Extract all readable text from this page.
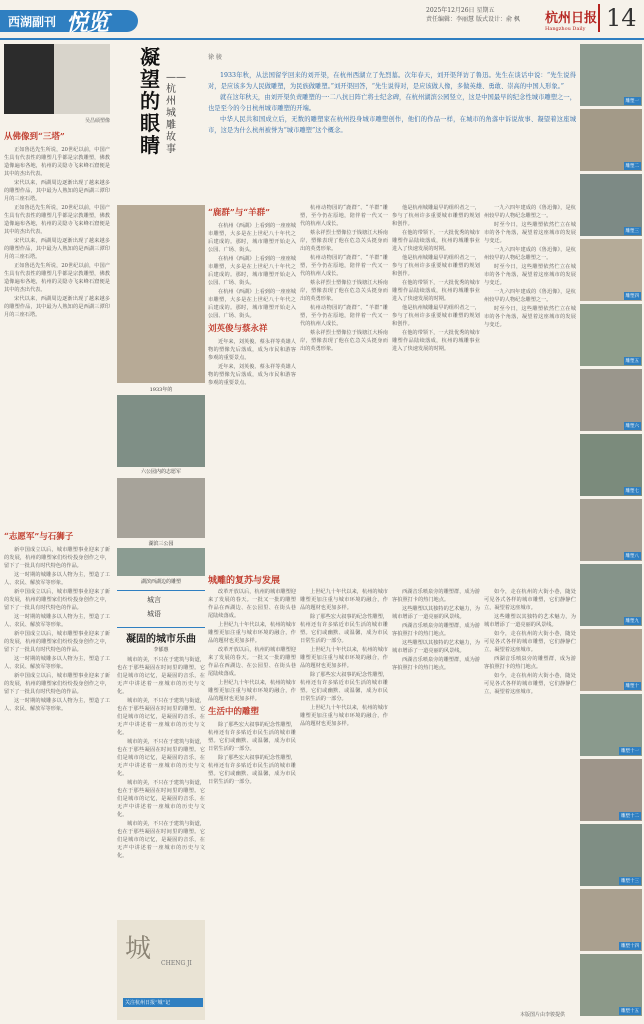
西湖副刊 悦览	2025年12月26日 星期五
责任编辑：李丽慧 版式设计：俞 枫 杭州日报
Hangzhou Daily 14
吴昌硕塑像
凝望的眼睛
——杭州城雕故事
徐 骏

1933年秋，从法国留学回来的刘开渠，在杭州西湖立了先烈墓。次年春天，刘开渠拜访了鲁迅。先生在谈话中说：“先生说得对，是应该多为人民做雕塑，为民族做雕塑。”刘开渠回答，“先生说得对，是应该做人像，多做英雄、勇敢、崇高的中国人形象。”

就在这年秋天，由刘开渠负责雕塑的一·二八抗日阵亡将士纪念碑，在杭州湖滨公园竖立，这是中国最早的纪念性城市雕塑之一，也是至今的今日杭州城市雕塑的开端。

中华人民共和国成立后，无数的雕塑家在杭州投身城市雕塑创作，他们的作品一样，在城市的角落中诉说故事、凝望着这座城市，这是为什么杭州被誉为“城市雕塑”这个概念。

从佛像到“三塔”

正如鲁迅先生所说，20世纪以前，中国产生具有代表性的雕塑几乎都是宗教雕塑，佛教造像遍布各地，杭州的灵隐寺飞来峰石窟便是其中的杰出代表。

宋代以来，西湖周边逐渐出现了越来越多的雕塑作品，其中最为人熟知的是西湖三潭印月的三座石塔。

正如鲁迅先生所说，20世纪以前，中国产生具有代表性的雕塑几乎都是宗教雕塑，佛教造像遍布各地，杭州的灵隐寺飞来峰石窟便是其中的杰出代表。

宋代以来，西湖周边逐渐出现了越来越多的雕塑作品，其中最为人熟知的是西湖三潭印月的三座石塔。

正如鲁迅先生所说，20世纪以前，中国产生具有代表性的雕塑几乎都是宗教雕塑，佛教造像遍布各地，杭州的灵隐寺飞来峰石窟便是其中的杰出代表。

宋代以来，西湖周边逐渐出现了越来越多的雕塑作品，其中最为人熟知的是西湖三潭印月的三座石塔。

“志愿军”与石狮子

新中国成立以后，城市雕塑事业迎来了新的发展，杭州的雕塑家们纷纷投身创作之中，留下了一批具有时代特色的作品。

这一时期的城雕多以人物为主，塑造了工人、农民、解放军等形象。

新中国成立以后，城市雕塑事业迎来了新的发展，杭州的雕塑家们纷纷投身创作之中，留下了一批具有时代特色的作品。

这一时期的城雕多以人物为主，塑造了工人、农民、解放军等形象。

新中国成立以后，城市雕塑事业迎来了新的发展，杭州的雕塑家们纷纷投身创作之中，留下了一批具有时代特色的作品。

这一时期的城雕多以人物为主，塑造了工人、农民、解放军等形象。

新中国成立以后，城市雕塑事业迎来了新的发展，杭州的雕塑家们纷纷投身创作之中，留下了一批具有时代特色的作品。

这一时期的城雕多以人物为主，塑造了工人、农民、解放军等形象。

1933年的
六公园内的志愿军
湖滨三公园
湖滨西湖边的雕塑
城言
城语
凝固的城市乐曲
李郁惠

城市的美，不只在于建筑与街道，也在于那些凝固在时间里的雕塑。它们是城市的记忆，是凝固的音乐，在无声中讲述着一座城市的历史与文化。

城市的美，不只在于建筑与街道，也在于那些凝固在时间里的雕塑。它们是城市的记忆，是凝固的音乐，在无声中讲述着一座城市的历史与文化。

城市的美，不只在于建筑与街道，也在于那些凝固在时间里的雕塑。它们是城市的记忆，是凝固的音乐，在无声中讲述着一座城市的历史与文化。

城市的美，不只在于建筑与街道，也在于那些凝固在时间里的雕塑。它们是城市的记忆，是凝固的音乐，在无声中讲述着一座城市的历史与文化。

城市的美，不只在于建筑与街道，也在于那些凝固在时间里的雕塑。它们是城市的记忆，是凝固的音乐，在无声中讲述着一座城市的历史与文化。

城 CHENG JI
关注杭州日报“城”记
“鹿群”与“羊群”

在杭州《西湖》上看到的一座座城市雕塑，大多是在上世纪八十年代之后建成的。那时，城市雕塑开始走入公园、广场、街头。

在杭州《西湖》上看到的一座座城市雕塑，大多是在上世纪八十年代之后建成的。那时，城市雕塑开始走入公园、广场、街头。

在杭州《西湖》上看到的一座座城市雕塑，大多是在上世纪八十年代之后建成的。那时，城市雕塑开始走入公园、广场、街头。

刘英俊与蔡永祥

近年来，刘英俊、蔡永祥等英雄人物的塑像先后落成，成为市民和游客参观的重要景点。

近年来，刘英俊、蔡永祥等英雄人物的塑像先后落成，成为市民和游客参观的重要景点。

杭州动物园的“鹿群”、“羊群”雕塑，至今仍在原地，陪伴着一代又一代的杭州人成长。

蔡永祥烈士塑像位于钱塘江大桥南岸，塑像表现了他在危急关头挺身而出的英勇形象。

杭州动物园的“鹿群”、“羊群”雕塑，至今仍在原地，陪伴着一代又一代的杭州人成长。

蔡永祥烈士塑像位于钱塘江大桥南岸，塑像表现了他在危急关头挺身而出的英勇形象。

杭州动物园的“鹿群”、“羊群”雕塑，至今仍在原地，陪伴着一代又一代的杭州人成长。

蔡永祥烈士塑像位于钱塘江大桥南岸，塑像表现了他在危急关头挺身而出的英勇形象。

他是杭州城雕最早的组织者之一，参与了杭州许多重要城市雕塑的规划和创作。

在他的带领下，一大批优秀的城市雕塑作品陆续落成，杭州的城雕事业进入了快速发展的时期。

他是杭州城雕最早的组织者之一，参与了杭州许多重要城市雕塑的规划和创作。

在他的带领下，一大批优秀的城市雕塑作品陆续落成，杭州的城雕事业进入了快速发展的时期。

他是杭州城雕最早的组织者之一，参与了杭州许多重要城市雕塑的规划和创作。

在他的带领下，一大批优秀的城市雕塑作品陆续落成，杭州的城雕事业进入了快速发展的时期。

一九六四年建成的《鲁迅像》，是杭州较早的人物纪念雕塑之一。

时至今日，这些雕塑依然伫立在城市的各个角落，凝望着这座城市的发展与变迁。

一九六四年建成的《鲁迅像》，是杭州较早的人物纪念雕塑之一。

时至今日，这些雕塑依然伫立在城市的各个角落，凝望着这座城市的发展与变迁。

一九六四年建成的《鲁迅像》，是杭州较早的人物纪念雕塑之一。

时至今日，这些雕塑依然伫立在城市的各个角落，凝望着这座城市的发展与变迁。

城雕的复苏与发展

改革开放以后，杭州的城市雕塑迎来了发展的春天。一批又一批的雕塑作品在西湖边、在公园里、在街头巷尾陆续落成。

上世纪九十年代以来，杭州的城市雕塑更加注重与城市环境的融合，作品的题材也更加多样。

改革开放以后，杭州的城市雕塑迎来了发展的春天。一批又一批的雕塑作品在西湖边、在公园里、在街头巷尾陆续落成。

上世纪九十年代以来，杭州的城市雕塑更加注重与城市环境的融合，作品的题材也更加多样。

生活中的雕塑

除了那些宏大叙事的纪念性雕塑，杭州还有许多贴近市民生活的城市雕塑。它们或幽默、或温馨，成为市民日常生活的一部分。

除了那些宏大叙事的纪念性雕塑，杭州还有许多贴近市民生活的城市雕塑。它们或幽默、或温馨，成为市民日常生活的一部分。

上世纪九十年代以来，杭州的城市雕塑更加注重与城市环境的融合，作品的题材也更加多样。

除了那些宏大叙事的纪念性雕塑，杭州还有许多贴近市民生活的城市雕塑。它们或幽默、或温馨，成为市民日常生活的一部分。

上世纪九十年代以来，杭州的城市雕塑更加注重与城市环境的融合，作品的题材也更加多样。

除了那些宏大叙事的纪念性雕塑，杭州还有许多贴近市民生活的城市雕塑。它们或幽默、或温馨，成为市民日常生活的一部分。

上世纪九十年代以来，杭州的城市雕塑更加注重与城市环境的融合，作品的题材也更加多样。

西湖音乐喷泉旁的雕塑群，成为游客拍照打卡的热门地点。

这些雕塑以其独特的艺术魅力，为城市增添了一道亮丽的风景线。

西湖音乐喷泉旁的雕塑群，成为游客拍照打卡的热门地点。

这些雕塑以其独特的艺术魅力，为城市增添了一道亮丽的风景线。

西湖音乐喷泉旁的雕塑群，成为游客拍照打卡的热门地点。

如今，走在杭州的大街小巷，随处可见各式各样的城市雕塑，它们静静伫立，凝望着这座城市。

这些雕塑以其独特的艺术魅力，为城市增添了一道亮丽的风景线。

如今，走在杭州的大街小巷，随处可见各式各样的城市雕塑，它们静静伫立，凝望着这座城市。

西湖音乐喷泉旁的雕塑群，成为游客拍照打卡的热门地点。

如今，走在杭州的大街小巷，随处可见各式各样的城市雕塑，它们静静伫立，凝望着这座城市。

本版图片由李骏提供
雕塑一
雕塑二
雕塑三
雕塑四
雕塑五
雕塑六
雕塑七
雕塑八
雕塑九
雕塑十
雕塑十一
雕塑十二
雕塑十三
雕塑十四
雕塑十五
